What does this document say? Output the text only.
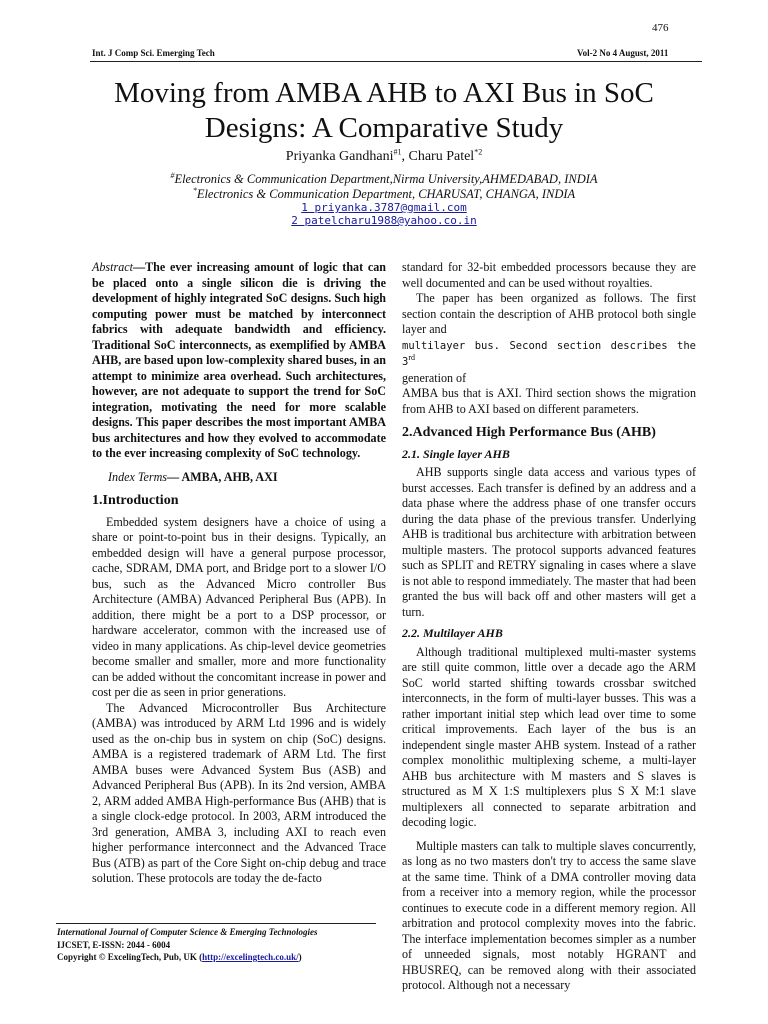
476
Int. J Comp Sci. Emerging Tech	Vol-2 No 4 August, 2011
Moving from AMBA AHB to AXI Bus in SoC
Designs: A Comparative Study
Priyanka Gandhani$^{\#1}$, Charu Patel$^{*2}$
#Electronics & Communication Department,Nirma University,AHMEDABAD, INDIA
*Electronics & Communication Department, CHARUSAT, CHANGA, INDIA
1 priyanka.3787@gmail.com
2 patelcharu1988@yahoo.co.in

Abstract—The ever increasing amount of logic that can be placed onto a single silicon die is driving the development of highly integrated SoC designs. Such high computing power must be matched by interconnect fabrics with adequate bandwidth and efficiency. Traditional SoC interconnects, as exemplified by AMBA AHB, are based upon low-complexity shared buses, in an attempt to minimize area overhead. Such architectures, however, are not adequate to support the trend for SoC integration, motivating the need for more scalable designs. This paper describes the most important AMBA bus architectures and how they evolved to accommodate to the ever increasing complexity of SoC technology.

Index Terms— AMBA, AHB, AXI

1.Introduction

Embedded system designers have a choice of using a share or point-to-point bus in their designs. Typically, an embedded design will have a general purpose processor, cache, SDRAM, DMA port, and Bridge port to a slower I/O bus, such as the Advanced Micro controller Bus Architecture (AMBA) Advanced Peripheral Bus (APB). In addition, there might be a port to a DSP processor, or hardware accelerator, common with the increased use of video in many applications. As chip-level device geometries become smaller and smaller, more and more functionality can be added without the concomitant increase in power and cost per die as seen in prior generations.

The Advanced Microcontroller Bus Architecture (AMBA) was introduced by ARM Ltd 1996 and is widely used as the on-chip bus in system on chip (SoC) designs. AMBA is a registered trademark of ARM Ltd. The first AMBA buses were Advanced System Bus (ASB) and Advanced Peripheral Bus (APB). In its 2nd version, AMBA 2, ARM added AMBA High-performance Bus (AHB) that is a single clock-edge protocol. In 2003, ARM introduced the 3rd generation, AMBA 3, including AXI to reach even higher performance interconnect and the Advanced Trace Bus (ATB) as part of the Core Sight on-chip debug and trace solution. These protocols are today the de-facto

standard for 32-bit embedded processors because they are well documented and can be used without royalties.

The paper has been organized as follows. The first section contain the description of AHB protocol both single layer and

multilayer bus. Second section describes the 3rd

generation of

AMBA bus that is AXI. Third section shows the migration from AHB to AXI based on different parameters.

2.Advanced High Performance Bus (AHB)

2.1. Single layer AHB

AHB supports single data access and various types of burst accesses. Each transfer is defined by an address and a data phase where the address phase of one transfer occurs during the data phase of the previous transfer. Underlying AHB is traditional bus architecture with arbitration between multiple masters. The protocol supports advanced features such as SPLIT and RETRY signaling in cases where a slave is not able to respond immediately. The master that had been granted the bus will back off and other masters will get a turn.

2.2. Multilayer AHB

Although traditional multiplexed multi-master systems are still quite common, little over a decade ago the ARM SoC world started shifting towards crossbar switched interconnects, in the form of multi-layer busses. This was a rather important initial step which lead over time to some critical improvements. Each layer of the bus is an independent single master AHB system. Instead of a rather complex monolithic multiplexing scheme, a multi-layer AHB bus architecture with M masters and S slaves is structured as M X 1:S multiplexers plus S X M:1 slave multiplexers all connected to separate arbitration and decoding logic.

Multiple masters can talk to multiple slaves concurrently, as long as no two masters don't try to access the same slave at the same time. Think of a DMA controller moving data from a receiver into a memory region, while the processor continues to execute code in a different memory region. All arbitration and protocol complexity moves into the fabric. The interface implementation becomes simpler as a number of unneeded signals, most notably HGRANT and HBUSREQ, can be removed along with their associated protocol. Although not a necessary

International Journal of Computer Science & Emerging Technologies
IJCSET, E-ISSN: 2044 - 6004
Copyright © ExcelingTech, Pub, UK (http://excelingtech.co.uk/)
